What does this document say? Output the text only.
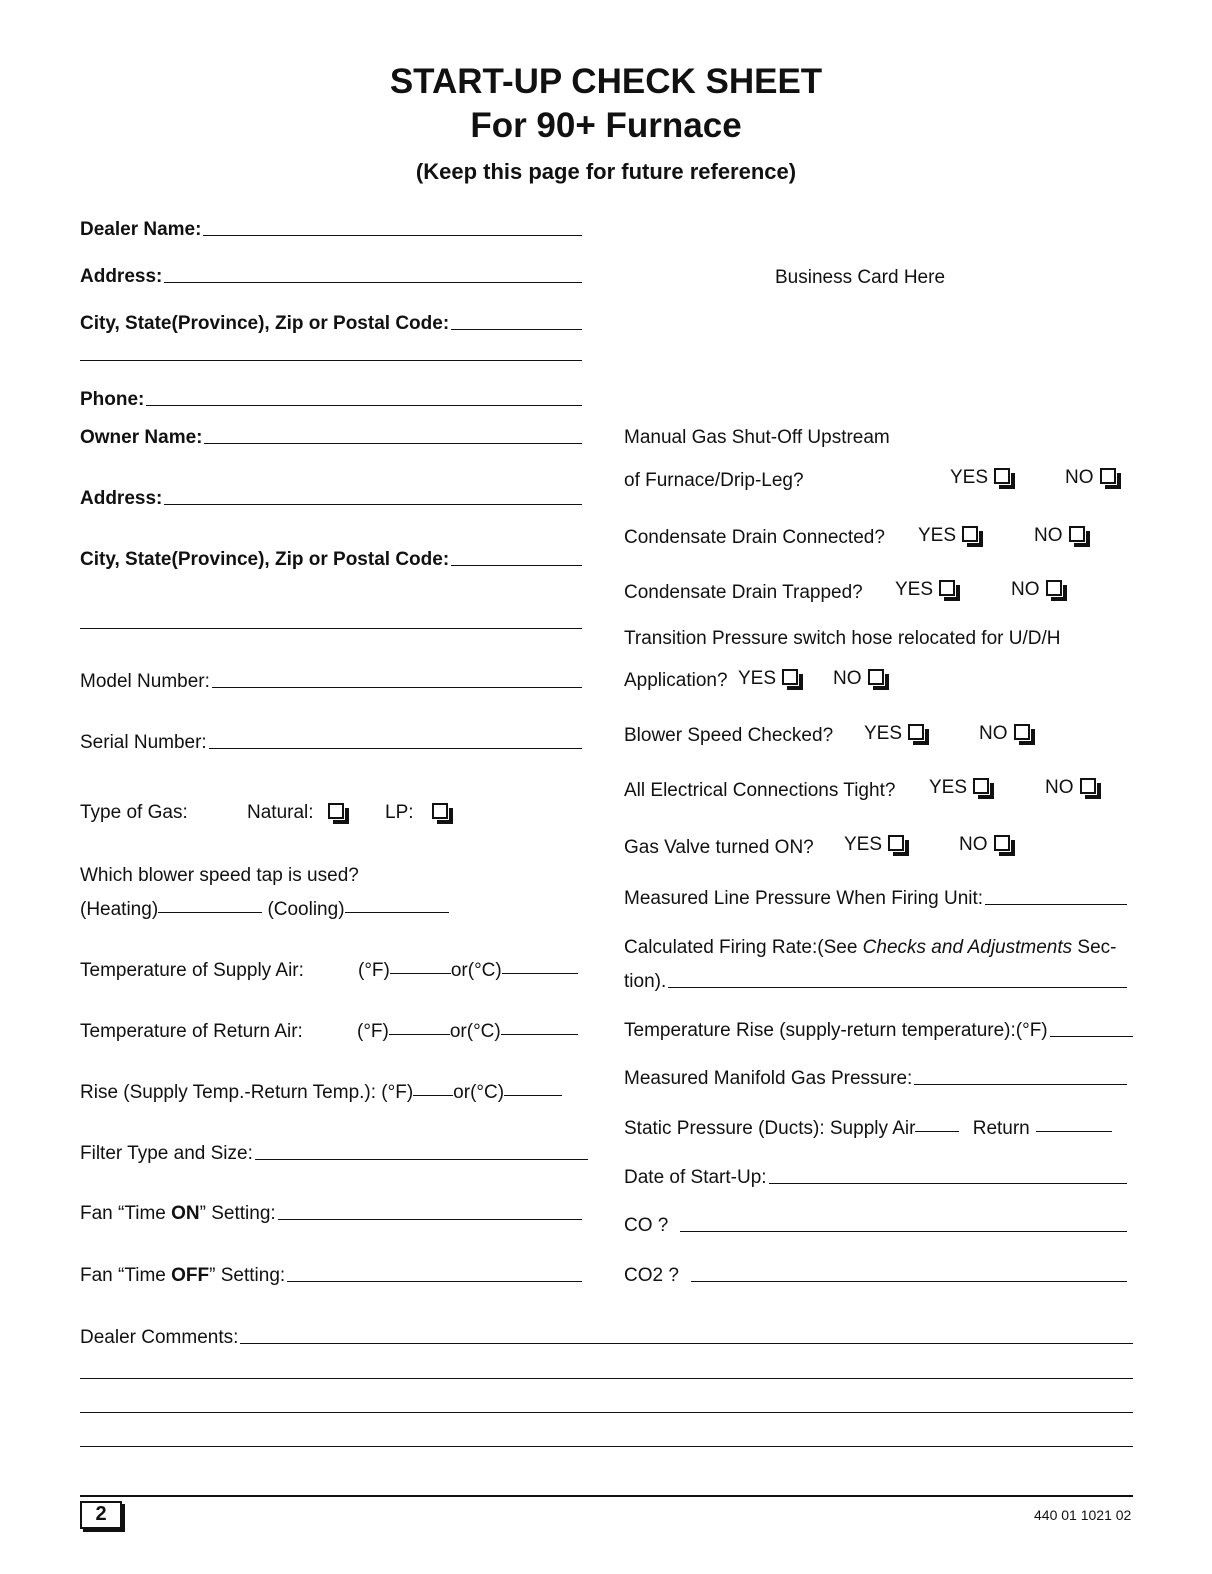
START-UP CHECK SHEET
For 90+ Furnace
(Keep this page for future reference)
Dealer Name:
Address:
City, State(Province), Zip or Postal Code:
Phone:
Owner Name:
Address:
City, State(Province), Zip or Postal Code:
Model Number:
Serial Number:
Type of Gas:	Natural:	LP:
Which blower speed tap is used?
(Heating)	(Cooling)
Temperature of Supply Air:	(°F)	or(°C)
Temperature of Return Air:	(°F)	or(°C)
Rise (Supply Temp.-Return Temp.): (°F) or(°C)
Filter Type and Size:
Fan “Time ON” Setting:
Fan “Time OFF” Setting:
Business Card Here
Manual Gas Shut-Off Upstream
of Furnace/Drip-Leg?	YES	NO
Condensate Drain Connected? YES	NO
Condensate Drain Trapped? YES	NO
Transition Pressure switch hose relocated for U/D/H
Application? YES	NO
Blower Speed Checked? YES	NO
All Electrical Connections Tight? YES	NO
Gas Valve turned ON? YES	NO
Measured Line Pressure When Firing Unit:
Calculated Firing Rate:(See Checks and Adjustments Sec-
tion).
Temperature Rise (supply-return temperature):(°F)
Measured Manifold Gas Pressure:
Static Pressure (Ducts): Supply Air	Return
Date of Start-Up:
CO ?
CO2 ?
Dealer Comments:
2	440 01 1021 02
